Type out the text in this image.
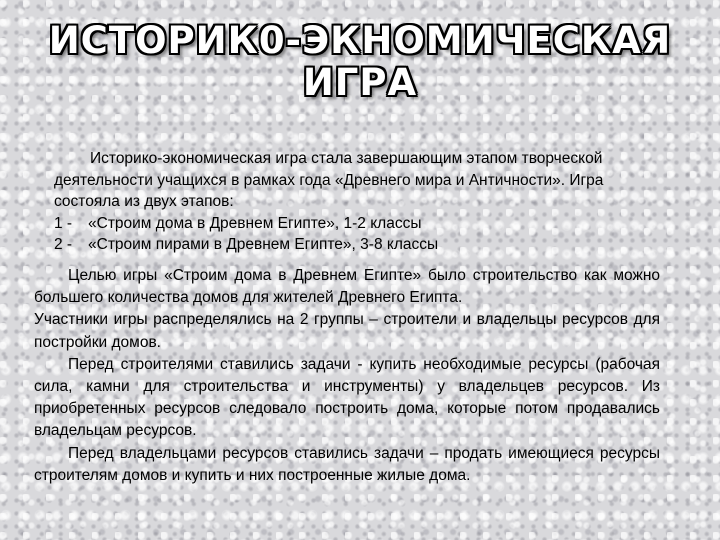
ИСТОРИК0-ЭКНОМИЧЕСКАЯ
ИГРА

Историко-экономическая игра стала завершающим этапом творческой деятельности учащихся в рамках года «Древнего мира и Античности». Игра состояла из двух этапов:

1 - «Строим дома в Древнем Египте», 1-2 классы
2 - «Строим пирами в Древнем Египте», 3-8 классы

Целью игры «Строим дома в Древнем Египте» было строительство как можно большего количества домов для жителей Древнего Египта.

Участники игры распределялись на 2 группы – строители и владельцы ресурсов для постройки домов.

Перед строителями ставились задачи - купить необходимые ресурсы (рабочая сила, камни для строительства и инструменты) у владельцев ресурсов. Из приобретенных ресурсов следовало построить дома, которые потом продавались владельцам ресурсов.

Перед владельцами ресурсов ставились задачи – продать имеющиеся ресурсы строителям домов и купить и них построенные жилые дома.
